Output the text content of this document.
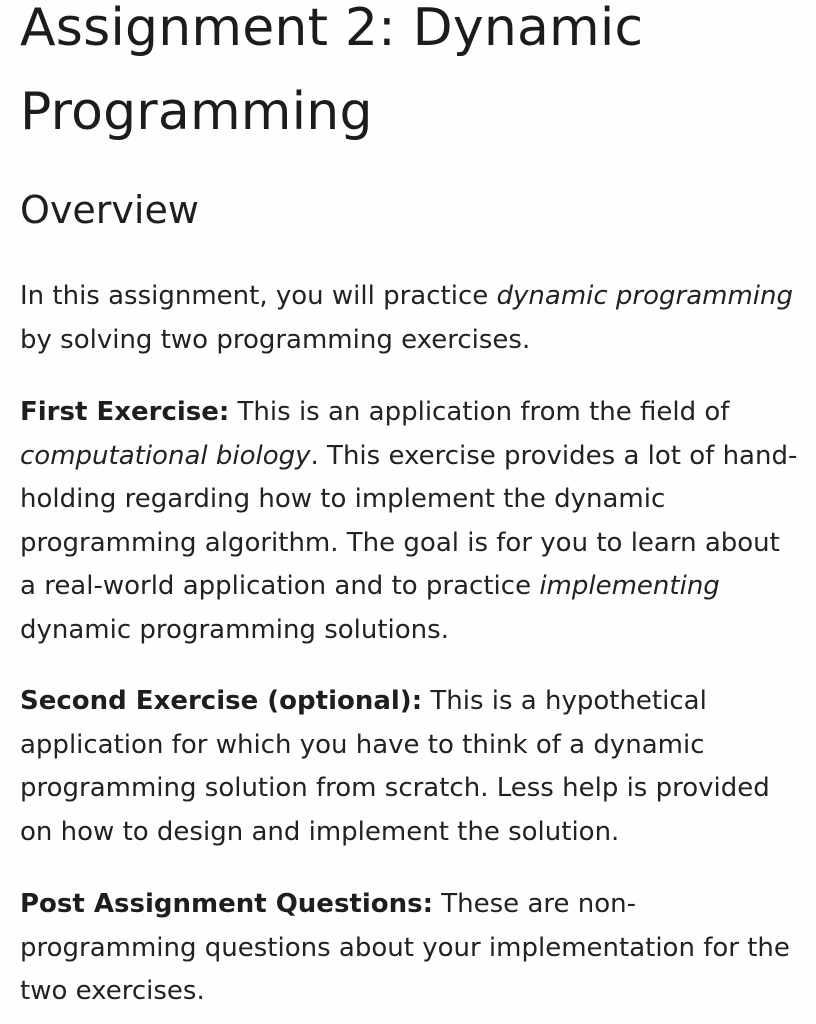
Assignment 2: Dynamic Programming
Overview

In this assignment, you will practice dynamic programming by solving two programming exercises.

First Exercise: This is an application from the field of computational biology. This exercise provides a lot of hand-holding regarding how to implement the dynamic programming algorithm. The goal is for you to learn about a real-world application and to practice implementing dynamic programming solutions.

Second Exercise (optional): This is a hypothetical application for which you have to think of a dynamic programming solution from scratch. Less help is provided on how to design and implement the solution.

Post Assignment Questions: These are non-programming questions about your implementation for the two exercises.
